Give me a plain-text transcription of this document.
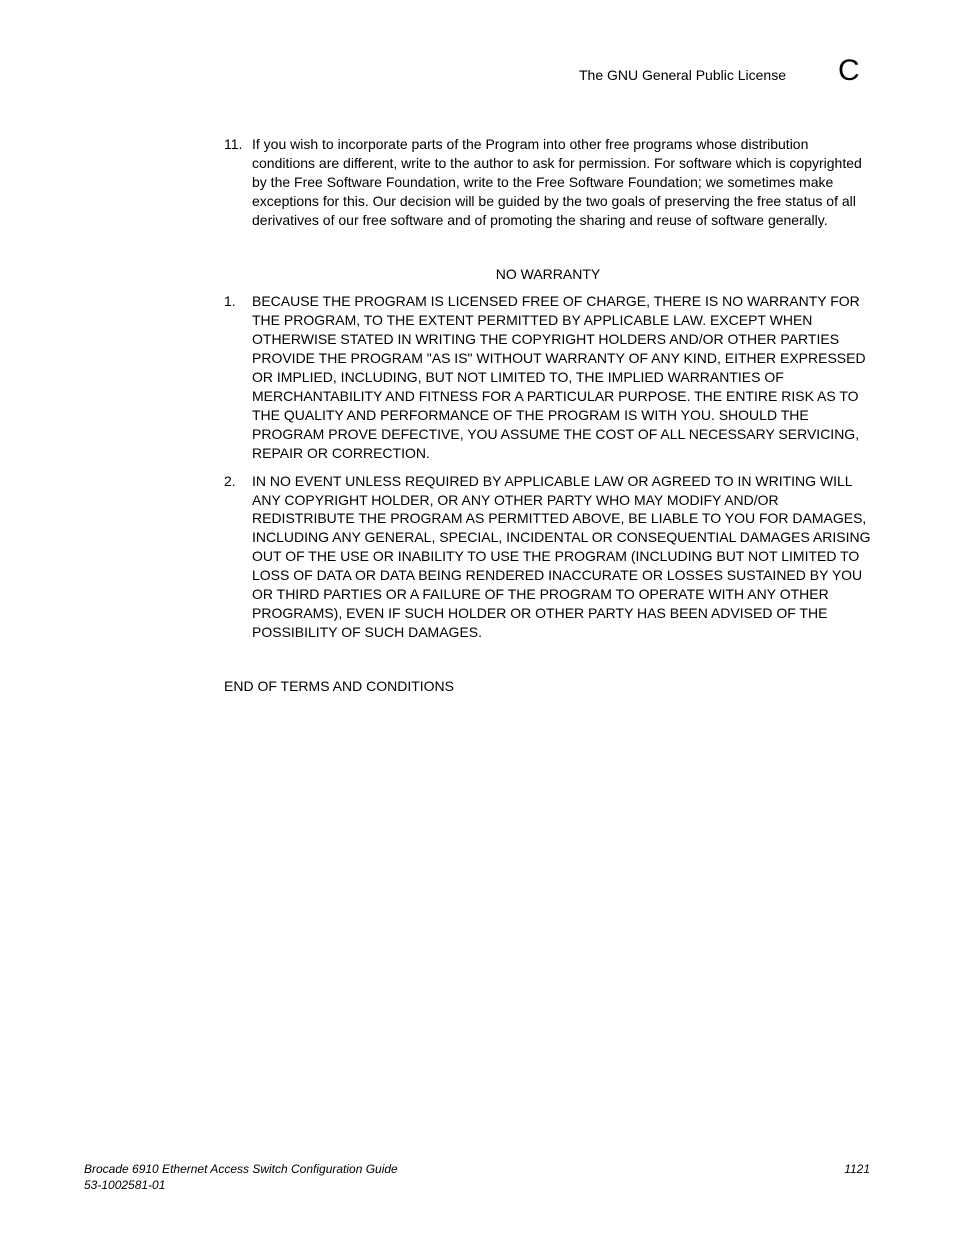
The GNU General Public License C
11. If you wish to incorporate parts of the Program into other free programs whose distribution conditions are different, write to the author to ask for permission. For software which is copyrighted by the Free Software Foundation, write to the Free Software Foundation; we sometimes make exceptions for this. Our decision will be guided by the two goals of preserving the free status of all derivatives of our free software and of promoting the sharing and reuse of software generally.
NO WARRANTY
1. BECAUSE THE PROGRAM IS LICENSED FREE OF CHARGE, THERE IS NO WARRANTY FOR THE PROGRAM, TO THE EXTENT PERMITTED BY APPLICABLE LAW. EXCEPT WHEN OTHERWISE STATED IN WRITING THE COPYRIGHT HOLDERS AND/OR OTHER PARTIES PROVIDE THE PROGRAM "AS IS" WITHOUT WARRANTY OF ANY KIND, EITHER EXPRESSED OR IMPLIED, INCLUDING, BUT NOT LIMITED TO, THE IMPLIED WARRANTIES OF MERCHANTABILITY AND FITNESS FOR A PARTICULAR PURPOSE. THE ENTIRE RISK AS TO THE QUALITY AND PERFORMANCE OF THE PROGRAM IS WITH YOU. SHOULD THE PROGRAM PROVE DEFECTIVE, YOU ASSUME THE COST OF ALL NECESSARY SERVICING, REPAIR OR CORRECTION.
2. IN NO EVENT UNLESS REQUIRED BY APPLICABLE LAW OR AGREED TO IN WRITING WILL ANY COPYRIGHT HOLDER, OR ANY OTHER PARTY WHO MAY MODIFY AND/OR REDISTRIBUTE THE PROGRAM AS PERMITTED ABOVE, BE LIABLE TO YOU FOR DAMAGES, INCLUDING ANY GENERAL, SPECIAL, INCIDENTAL OR CONSEQUENTIAL DAMAGES ARISING OUT OF THE USE OR INABILITY TO USE THE PROGRAM (INCLUDING BUT NOT LIMITED TO LOSS OF DATA OR DATA BEING RENDERED INACCURATE OR LOSSES SUSTAINED BY YOU OR THIRD PARTIES OR A FAILURE OF THE PROGRAM TO OPERATE WITH ANY OTHER PROGRAMS), EVEN IF SUCH HOLDER OR OTHER PARTY HAS BEEN ADVISED OF THE POSSIBILITY OF SUCH DAMAGES.
END OF TERMS AND CONDITIONS
Brocade 6910 Ethernet Access Switch Configuration Guide	1121
53-1002581-01
